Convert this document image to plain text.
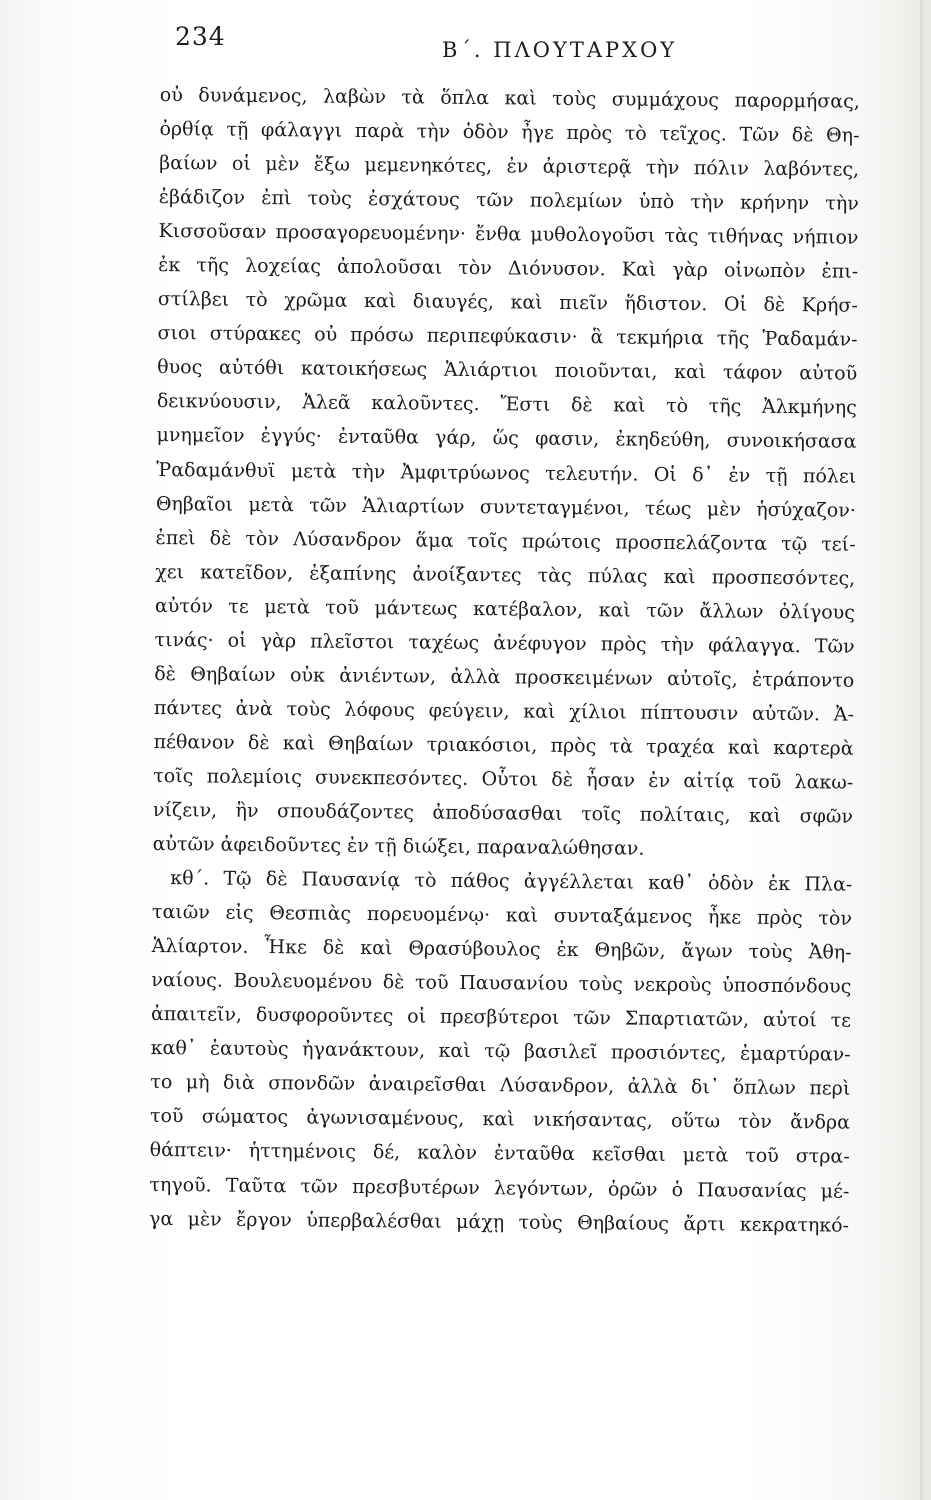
234	Β΄. ΠΛΟΥΤΑΡΧΟΥ
οὐ δυνάμενος, λαβὼν τὰ ὅπλα καὶ τοὺς συμμάχους παρορμήσας,
ὀρθίᾳ τῇ φάλαγγι παρὰ τὴν ὁδὸν ἦγε πρὸς τὸ τεῖχος. Τῶν δὲ Θη-
βαίων οἱ μὲν ἔξω μεμενηκότες, ἐν ἀριστερᾷ τὴν πόλιν λαβόντες,
ἐβάδιζον ἐπὶ τοὺς ἐσχάτους τῶν πολεμίων ὑπὸ τὴν κρήνην τὴν
Κισσοῦσαν προσαγορευομένην· ἔνθα μυθολογοῦσι τὰς τιθήνας νήπιον
ἐκ τῆς λοχείας ἀπολοῦσαι τὸν Διόνυσον. Καὶ γὰρ οἰνωπὸν ἐπι-
στίλβει τὸ χρῶμα καὶ διαυγές, καὶ πιεῖν ἥδιστον. Οἱ δὲ Κρήσ-
σιοι στύρακες οὐ πρόσω περιπεφύκασιν· ἃ τεκμήρια τῆς Ῥαδαμάν-
θυος αὐτόθι κατοικήσεως Ἁλιάρτιοι ποιοῦνται, καὶ τάφον αὐτοῦ
δεικνύουσιν, Ἀλεᾶ καλοῦντες. Ἔστι δὲ καὶ τὸ τῆς Ἀλκμήνης
μνημεῖον ἐγγύς· ἐνταῦθα γάρ, ὥς φασιν, ἐκηδεύθη, συνοικήσασα
Ῥαδαμάνθυϊ μετὰ τὴν Ἀμφιτρύωνος τελευτήν. Οἱ δ᾽ ἐν τῇ πόλει
Θηβαῖοι μετὰ τῶν Ἁλιαρτίων συντεταγμένοι, τέως μὲν ἡσύχαζον·
ἐπεὶ δὲ τὸν Λύσανδρον ἅμα τοῖς πρώτοις προσπελάζοντα τῷ τεί-
χει κατεῖδον, ἐξαπίνης ἀνοίξαντες τὰς πύλας καὶ προσπεσόντες,
αὐτόν τε μετὰ τοῦ μάντεως κατέβαλον, καὶ τῶν ἄλλων ὀλίγους
τινάς· οἱ γὰρ πλεῖστοι ταχέως ἀνέφυγον πρὸς τὴν φάλαγγα. Τῶν
δὲ Θηβαίων οὐκ ἀνιέντων, ἀλλὰ προσκειμένων αὐτοῖς, ἐτράποντο
πάντες ἀνὰ τοὺς λόφους φεύγειν, καὶ χίλιοι πίπτουσιν αὐτῶν. Ἀ-
πέθανον δὲ καὶ Θηβαίων τριακόσιοι, πρὸς τὰ τραχέα καὶ καρτερὰ
τοῖς πολεμίοις συνεκπεσόντες. Οὗτοι δὲ ἦσαν ἐν αἰτίᾳ τοῦ λακω-
νίζειν, ἣν σπουδάζοντες ἀποδύσασθαι τοῖς πολίταις, καὶ σφῶν
αὐτῶν ἀφειδοῦντες ἐν τῇ διώξει, παραναλώθησαν.
κθ΄. Τῷ δὲ Παυσανίᾳ τὸ πάθος ἀγγέλλεται καθ᾽ ὁδὸν ἐκ Πλα-
ταιῶν εἰς Θεσπιὰς πορευομένῳ· καὶ συνταξάμενος ἧκε πρὸς τὸν
Ἁλίαρτον. Ἧκε δὲ καὶ Θρασύβουλος ἐκ Θηβῶν, ἄγων τοὺς Ἀθη-
ναίους. Βουλευομένου δὲ τοῦ Παυσανίου τοὺς νεκροὺς ὑποσπόνδους
ἀπαιτεῖν, δυσφοροῦντες οἱ πρεσβύτεροι τῶν Σπαρτιατῶν, αὐτοί τε
καθ᾽ ἑαυτοὺς ἠγανάκτουν, καὶ τῷ βασιλεῖ προσιόντες, ἐμαρτύραν-
το μὴ διὰ σπονδῶν ἀναιρεῖσθαι Λύσανδρον, ἀλλὰ δι᾽ ὅπλων περὶ
τοῦ σώματος ἀγωνισαμένους, καὶ νικήσαντας, οὕτω τὸν ἄνδρα
θάπτειν· ἡττημένοις δέ, καλὸν ἐνταῦθα κεῖσθαι μετὰ τοῦ στρα-
τηγοῦ. Ταῦτα τῶν πρεσβυτέρων λεγόντων, ὁρῶν ὁ Παυσανίας μέ-
γα μὲν ἔργον ὑπερβαλέσθαι μάχῃ τοὺς Θηβαίους ἄρτι κεκρατηκό-
